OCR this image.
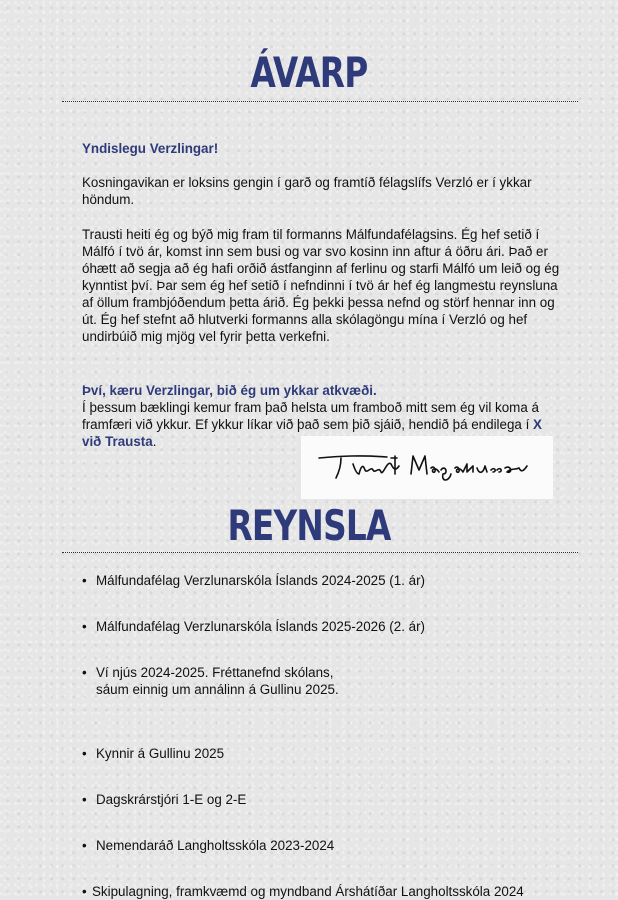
ÁVARP
Yndislegu Verzlingar!
Kosningavikan er loksins gengin í garð og framtíð félagslífs Verzló er í ykkar höndum.
Trausti heiti ég og býð mig fram til formanns Málfundafélagsins. Ég hef setið í Málfó í tvö ár, komst inn sem busi og var svo kosinn inn aftur á öðru ári. Það er óhætt að segja að ég hafi orðið ástfanginn af ferlinu og starfi Málfó um leið og ég kynntist því. Þar sem ég hef setið í nefndinni í tvö ár hef ég langmestu reynsluna af öllum frambjóðendum þetta árið. Ég þekki þessa nefnd og störf hennar inn og út. Ég hef stefnt að hlutverki formanns alla skólagöngu mína í Verzló og hef undirbúið mig mjög vel fyrir þetta verkefni.
Því, kæru Verzlingar, bið ég um ykkar atkvæði.
Í þessum bæklingi kemur fram það helsta um framboð mitt sem ég vil koma á framfæri við ykkur. Ef ykkur líkar við það sem þið sjáið, hendið þá endilega í X við Trausta.
REYNSLA
• Málfundafélag Verzlunarskóla Íslands 2024-2025 (1. ár)
• Málfundafélag Verzlunarskóla Íslands 2025-2026 (2. ár)
• Ví njús 2024-2025. Fréttanefnd skólans,
sáum einnig um annálinn á Gullinu 2025.
• Kynnir á Gullinu 2025
• Dagskrárstjóri 1-E og 2-E
• Nemendaráð Langholtsskóla 2023-2024
• Skipulagning, framkvæmd og myndband Árshátíðar Langholtsskóla 2024
